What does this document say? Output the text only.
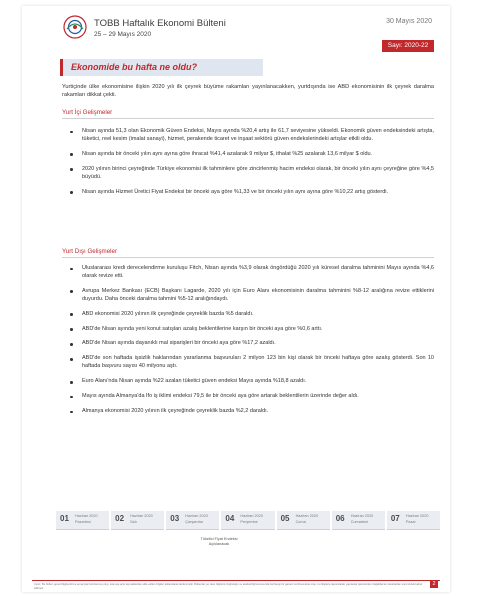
TOBB Haftalık Ekonomi Bülteni
25 – 29 Mayıs 2020
30 Mayıs 2020
Sayı: 2020-22
Ekonomide bu hafta ne oldu?
Yurtiçinde ülke ekonomisine ilişkin 2020 yılı ilk çeyrek büyüme rakamları yayınlanacakken, yurtdışında ise ABD ekonomisinin ilk çeyrek daralma rakamları dikkat çekti.
Yurt İçi Gelişmeler
Nisan ayında 51,3 olan Ekonomik Güven Endeksi, Mayıs ayında %20,4 artış ile 61,7 seviyesine yükseldi. Ekonomik güven endeksindeki artışta, tüketici, reel kesim (imalat sanayi), hizmet, perakende ticaret ve inşaat sektörü güven endekslerindeki artışlar etkili oldu.
Nisan ayında bir önceki yılın aynı ayına göre ihracat %41,4 azalarak 9 milyar $, ithalat %25 azalarak 13,6 milyar $ oldu.
2020 yılının birinci çeyreğinde Türkiye ekonomisi ilk tahminlere göre zincirlenmiş hacim endeksi olarak, bir önceki yılın aynı çeyreğine göre %4,5 büyüdü.
Nisan ayında Hizmet Üretici Fiyat Endeksi bir önceki aya göre %1,33 ve bir önceki yılın aynı ayına göre %10,22 artış gösterdi.
Yurt Dışı Gelişmeler
Uluslararası kredi derecelendirme kuruluşu Fitch, Nisan ayında %3,9 olarak öngördüğü 2020 yılı küresel daralma tahminini Mayıs ayında %4,6 olarak revize etti.
Avrupa Merkez Bankası (ECB) Başkanı Lagarde, 2020 yılı için Euro Alanı ekonomisinin daralma tahminini %8-12 aralığına revize ettiklerini duyurdu. Daha önceki daralma tahmini %5-12 aralığındaydı.
ABD ekonomisi 2020 yılının ilk çeyreğinde çeyreklik bazda %5 daraldı.
ABD'de Nisan ayında yeni konut satışları azalış beklentilerine karşın bir önceki aya göre %0,6 arttı.
ABD'de Nisan ayında dayanıklı mal siparişleri bir önceki aya göre %17,2 azaldı.
ABD'de son haftada işsizlik haklarından yararlanma başvuruları 2 milyon 123 bin kişi olarak bir önceki haftaya göre azalış gösterdi. Son 10 haftada başvuru sayısı 40 milyonu aştı.
Euro Alanı'nda Nisan ayında %22 azalan tüketici güven endeksi Mayıs ayında %18,8 azaldı.
Mayıs ayında Almanya'da Ifo iş iklimi endeksi 79,5 ile bir önceki aya göre artarak beklentilerin üzerinde değer aldı.
Almanya ekonomisi 2020 yılının ilk çeyreğinde çeyreklik bazda %2,2 daraldı.
01 Haziran 2020
Pazartesi	02 Haziran 2020
Salı	03 Haziran 2020
Çarşamba	04 Haziran 2020
Perşembe	05 Haziran 2020
Cuma	06 Haziran 2020
Cumartesi	07 Haziran 2020
Pazar
Tüketici Fiyat Endeksi Açıklanacak
Uyarı: Bu bülten genel bilgilendirme amacıyla hazırlanmış olup, kamuya açık kaynaklardan elde edilen bilgiler kullanılarak derlenmiştir. Bültende yer alan bilgilerin doğruluğu ve eksiksizliği konusunda herhangi bir garanti verilmemekte olup, bu bilgilere dayanılarak yapılacak işlemlerden doğabilecek zararlardan sorumluluk kabul edilmez.
2
